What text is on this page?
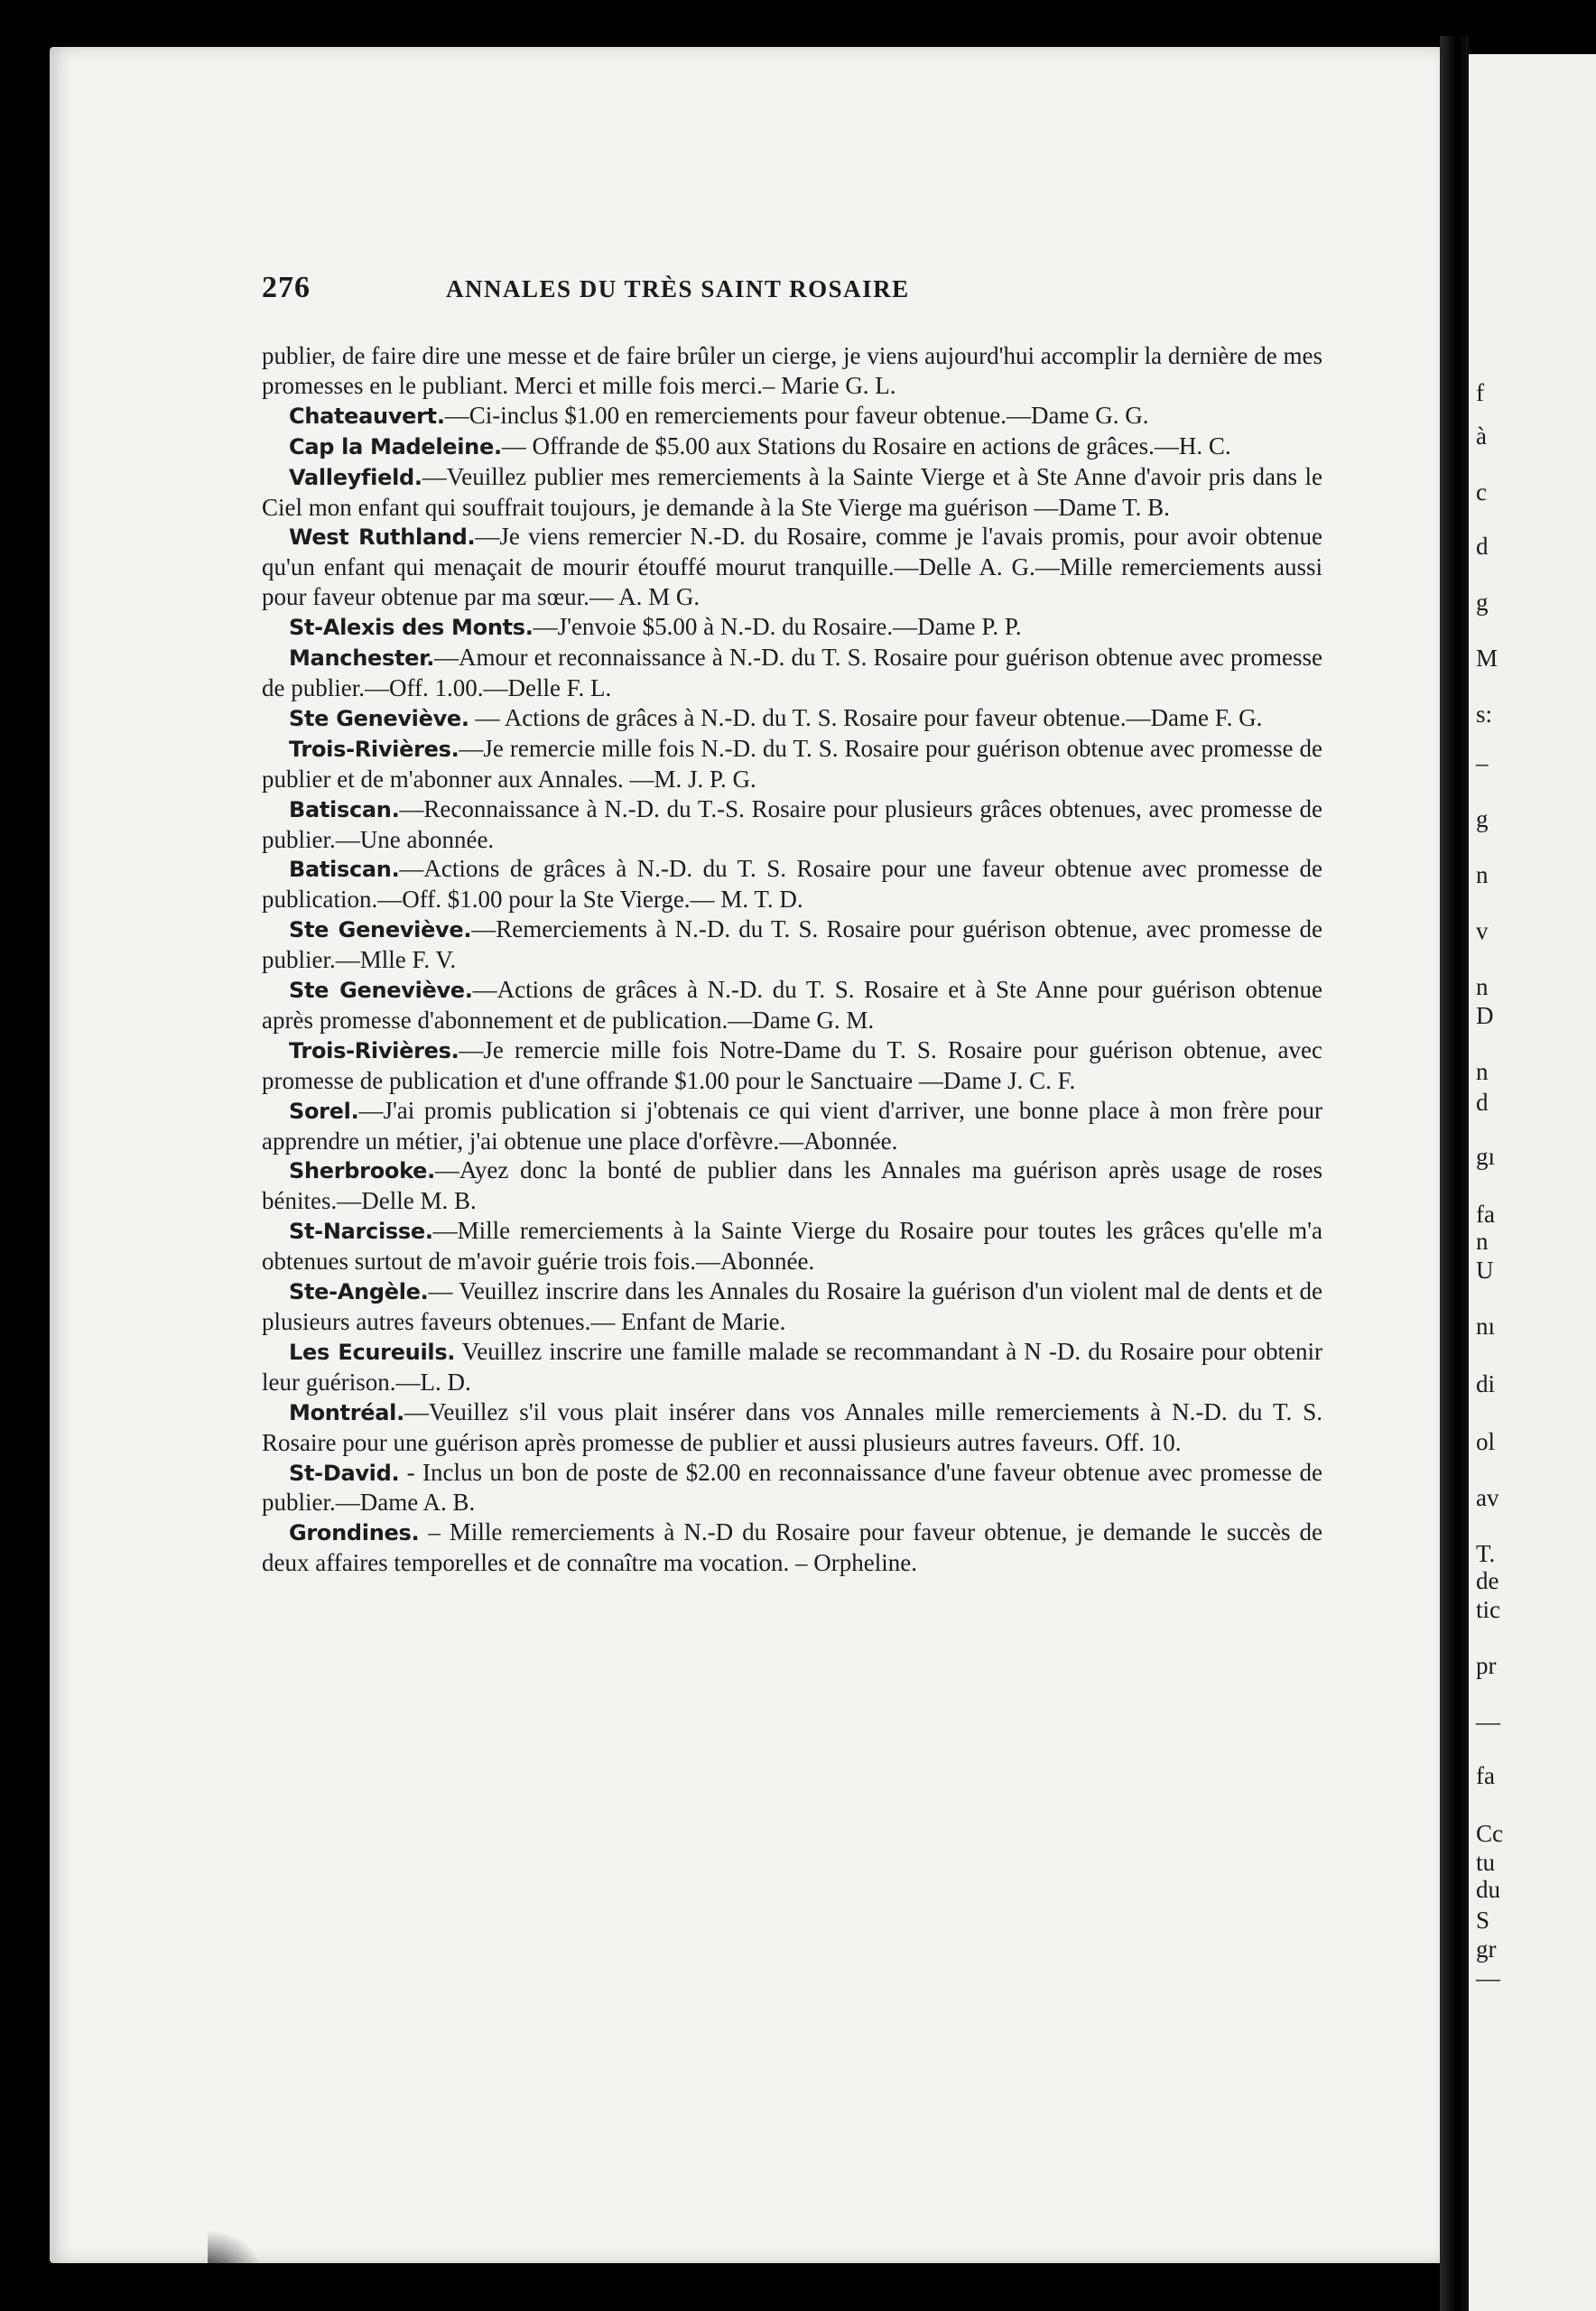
276	ANNALES DU TRÈS SAINT ROSAIRE

publier, de faire dire une messe et de faire brûler un cierge, je viens aujourd'hui accomplir la dernière de mes promesses en le publiant. Merci et mille fois merci.– Marie G. L.

Chateauvert.—Ci-inclus $1.00 en remerciements pour faveur obtenue.—Dame G. G.

Cap la Madeleine.— Offrande de $5.00 aux Stations du Rosaire en actions de grâces.—H. C.

Valleyfield.—Veuillez publier mes remerciements à la Sainte Vierge et à Ste Anne d'avoir pris dans le Ciel mon enfant qui souffrait toujours, je demande à la Ste Vierge ma guérison —Dame T. B.

West Ruthland.—Je viens remercier N.-D. du Rosaire, comme je l'avais promis, pour avoir obtenue qu'un enfant qui menaçait de mourir étouffé mourut tranquille.—Delle A. G.—Mille remerciements aussi pour faveur obtenue par ma sœur.— A. M G.

St-Alexis des Monts.—J'envoie $5.00 à N.-D. du Rosaire.—Dame P. P.

Manchester.—Amour et reconnaissance à N.-D. du T. S. Rosaire pour guérison obtenue avec promesse de publier.—Off. 1.00.—Delle F. L.

Ste Geneviève. — Actions de grâces à N.-D. du T. S. Rosaire pour faveur obtenue.—Dame F. G.

Trois-Rivières.—Je remercie mille fois N.-D. du T. S. Rosaire pour guérison obtenue avec promesse de publier et de m'abonner aux Annales. —M. J. P. G.

Batiscan.—Reconnaissance à N.-D. du T.-S. Rosaire pour plusieurs grâces obtenues, avec promesse de publier.—Une abonnée.

Batiscan.—Actions de grâces à N.-D. du T. S. Rosaire pour une faveur obtenue avec promesse de publication.—Off. $1.00 pour la Ste Vierge.— M. T. D.

Ste Geneviève.—Remerciements à N.-D. du T. S. Rosaire pour guérison obtenue, avec promesse de publier.—Mlle F. V.

Ste Geneviève.—Actions de grâces à N.-D. du T. S. Rosaire et à Ste Anne pour guérison obtenue après promesse d'abonnement et de publication.—Dame G. M.

Trois-Rivières.—Je remercie mille fois Notre-Dame du T. S. Rosaire pour guérison obtenue, avec promesse de publication et d'une offrande $1.00 pour le Sanctuaire —Dame J. C. F.

Sorel.—J'ai promis publication si j'obtenais ce qui vient d'arriver, une bonne place à mon frère pour apprendre un métier, j'ai obtenue une place d'orfèvre.—Abonnée.

Sherbrooke.—Ayez donc la bonté de publier dans les Annales ma guérison après usage de roses bénites.—Delle M. B.

St-Narcisse.—Mille remerciements à la Sainte Vierge du Rosaire pour toutes les grâces qu'elle m'a obtenues surtout de m'avoir guérie trois fois.—Abonnée.

Ste-Angèle.— Veuillez inscrire dans les Annales du Rosaire la guérison d'un violent mal de dents et de plusieurs autres faveurs obtenues.— Enfant de Marie.

Les Ecureuils. Veuillez inscrire une famille malade se recommandant à N -D. du Rosaire pour obtenir leur guérison.—L. D.

Montréal.—Veuillez s'il vous plait insérer dans vos Annales mille remerciements à N.-D. du T. S. Rosaire pour une guérison après promesse de publier et aussi plusieurs autres faveurs. Off. 10.

St-David. - Inclus un bon de poste de $2.00 en reconnaissance d'une faveur obtenue avec promesse de publier.—Dame A. B.

Grondines. – Mille remerciements à N.-D du Rosaire pour faveur obtenue, je demande le succès de deux affaires temporelles et de connaître ma vocation. – Orpheline.

f
à
c
d
g
M
s:
–
g
n
v
n
D
n
d
gı
fa
n
U
nı
di
ol
av
T.
de
tic
pr
—
fa
Cc
tu
du
S
gr
—
